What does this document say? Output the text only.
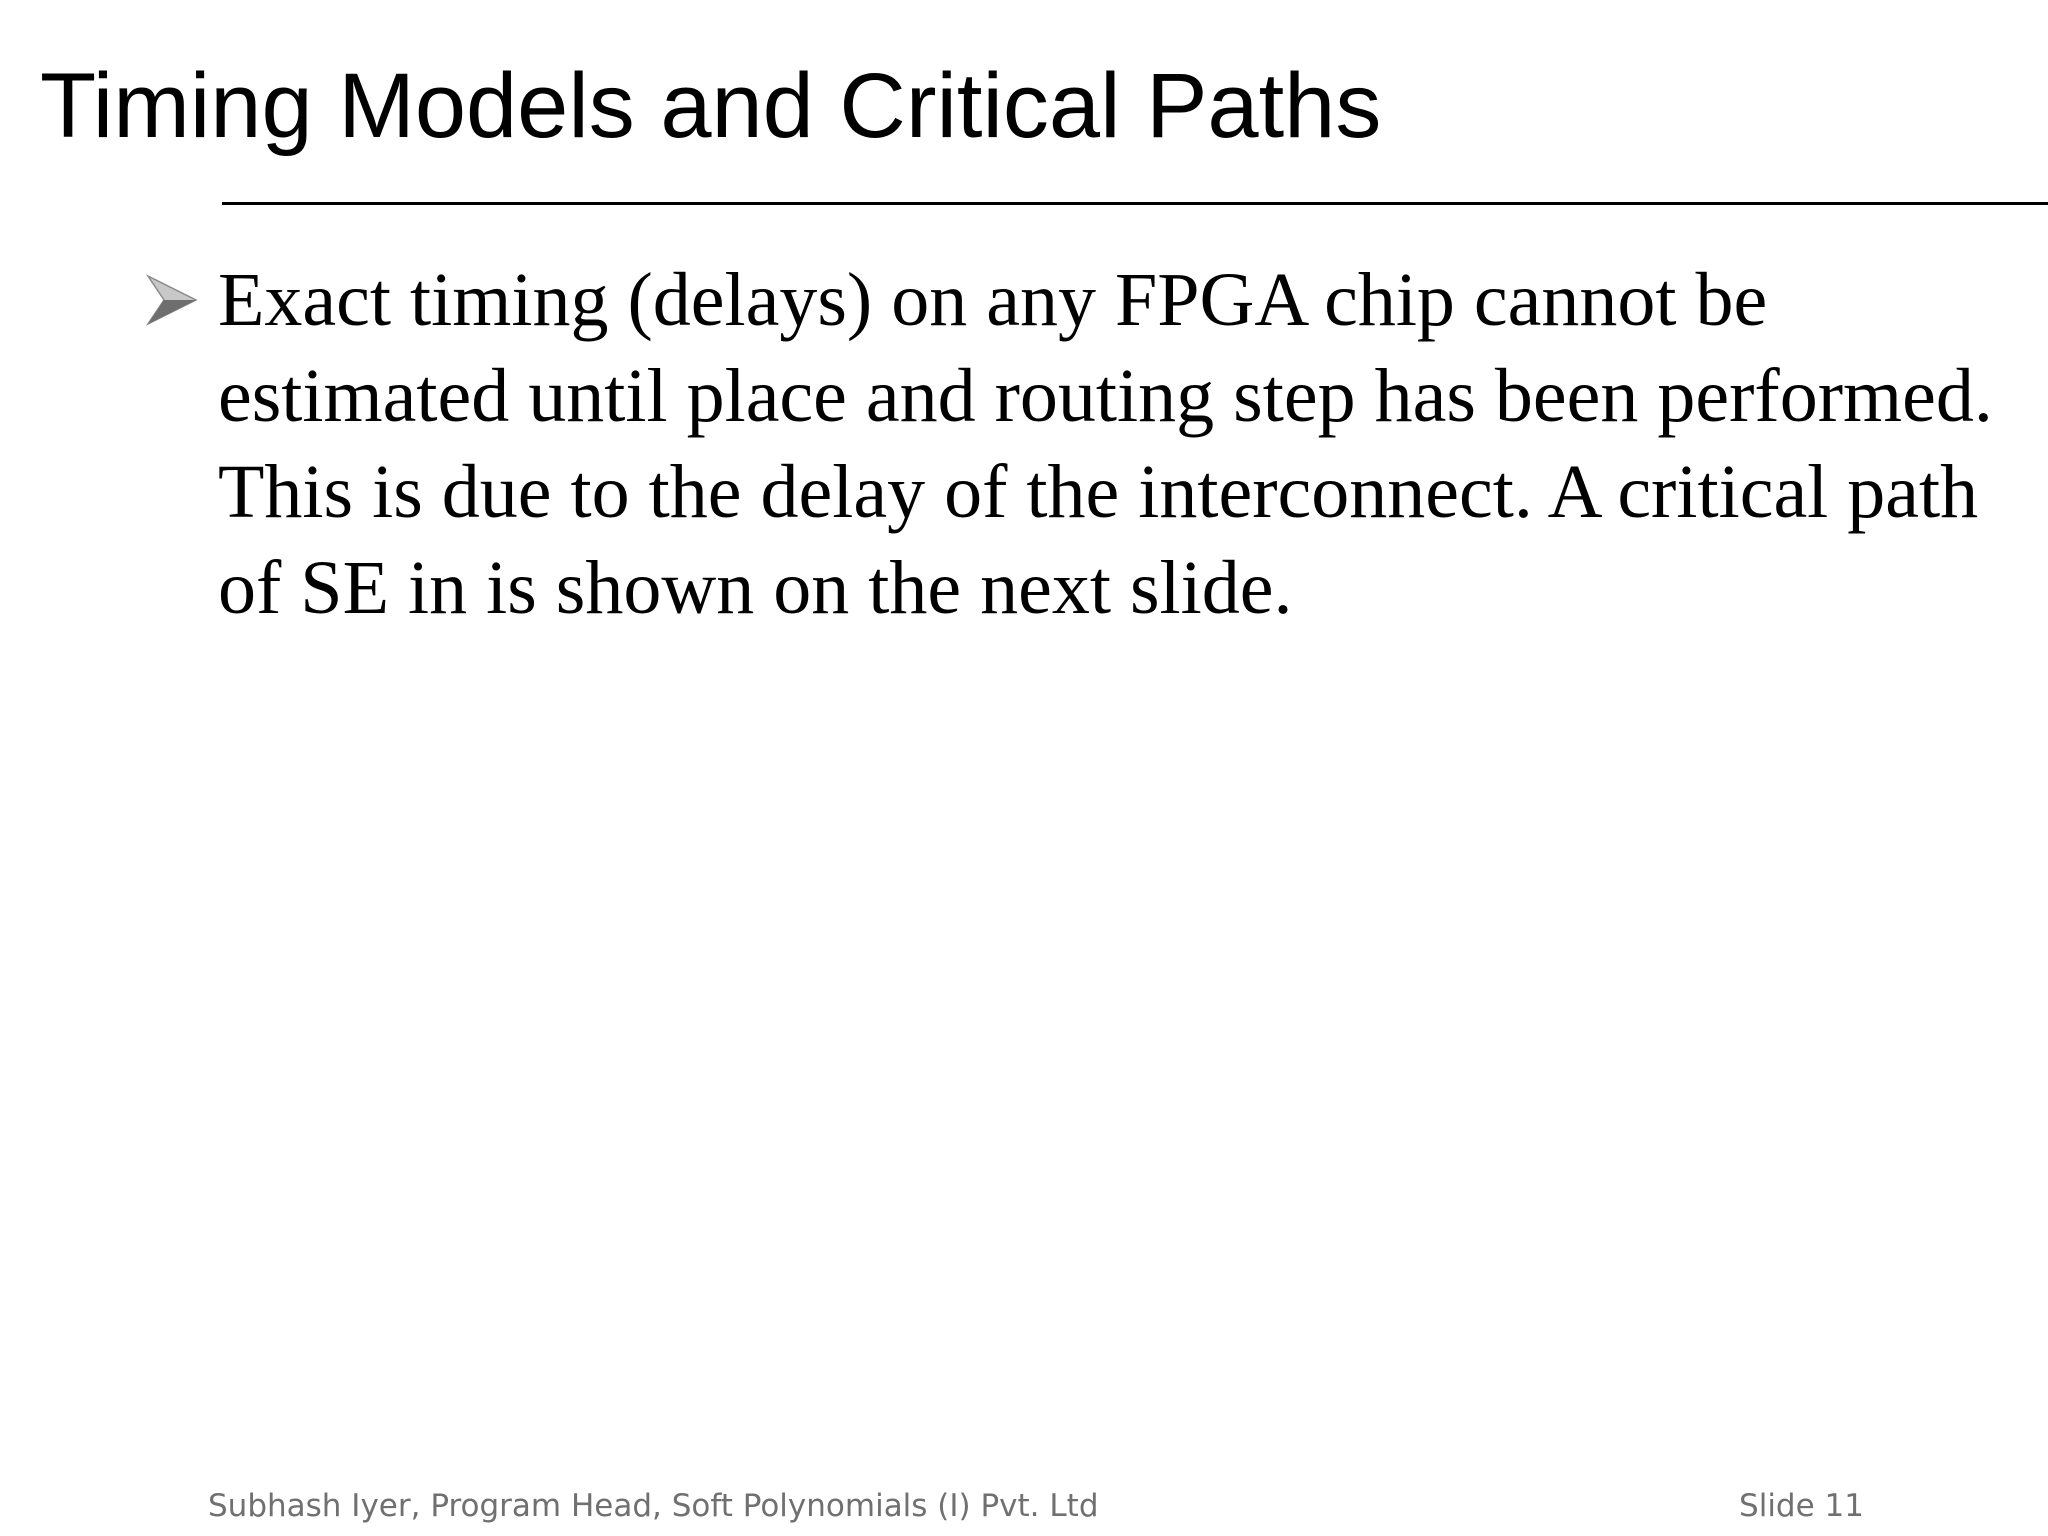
Timing Models and Critical Paths
Exact timing (delays) on any FPGA chip cannot be estimated until place and routing step has been performed. This is due to the delay of the interconnect. A critical path of SE in is shown on the next slide.
Subhash Iyer, Program Head, Soft Polynomials (I) Pvt. Ltd	Slide 11
